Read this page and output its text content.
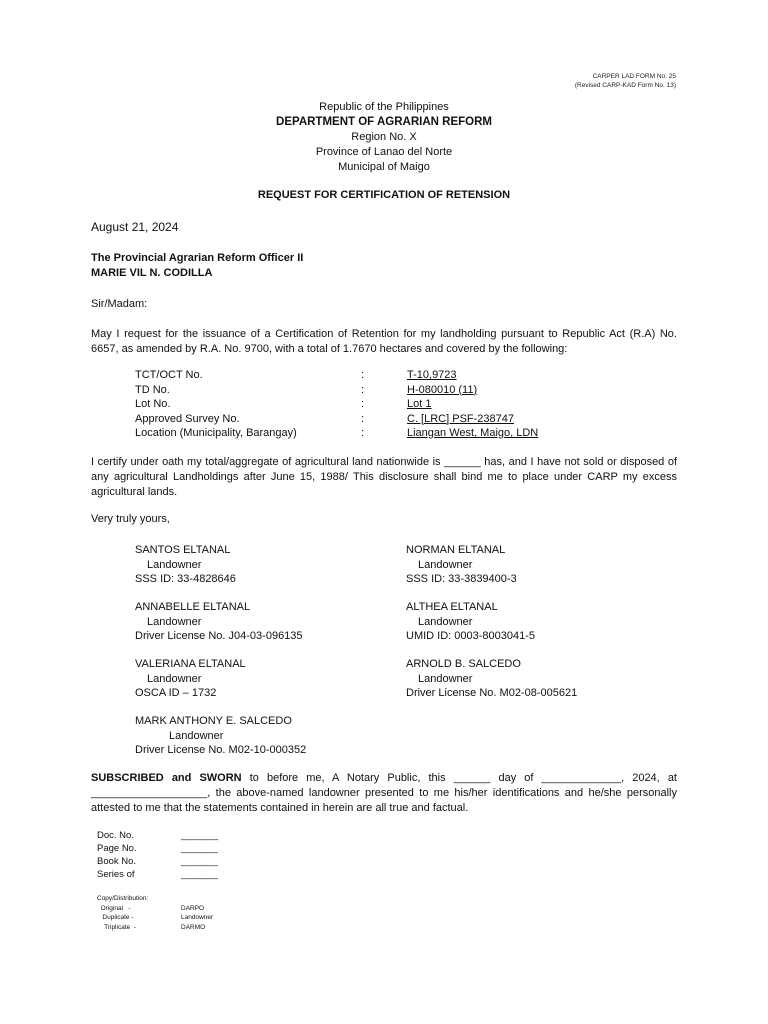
CARPER LAD FORM No. 25
(Revised CARP-KAD Form No. 13)
Republic of the Philippines
DEPARTMENT OF AGRARIAN REFORM
Region No. X
Province of Lanao del Norte
Municipal of Maigo
REQUEST FOR CERTIFICATION OF RETENSION
August 21, 2024
The Provincial Agrarian Reform Officer II
MARIE VIL N. CODILLA
Sir/Madam:
May I request for the issuance of a Certification of Retention for my landholding pursuant to Republic Act (R.A) No. 6657, as amended by R.A. No. 9700, with a total of 1.7670 hectares and covered by the following:
TCT/OCT No.	:	T-10,9723
TD No.	:	H-080010 (11)
Lot No.	:	Lot 1
Approved Survey No.	:	C. [LRC] PSF-238747
Location (Municipality, Barangay)	:	Liangan West, Maigo, LDN
I certify under oath my total/aggregate of agricultural land nationwide is ______ has, and I have not sold or disposed of any agricultural Landholdings after June 15, 1988/ This disclosure shall bind me to place under CARP my excess agricultural lands.
Very truly yours,
SANTOS ELTANAL
Landowner
SSS ID: 33-4828646
NORMAN ELTANAL
Landowner
SSS ID: 33-3839400-3
ANNABELLE ELTANAL
Landowner
Driver License No. J04-03-096135
ALTHEA ELTANAL
Landowner
UMID ID: 0003-8003041-5
VALERIANA ELTANAL
Landowner
OSCA ID – 1732
ARNOLD B. SALCEDO
Landowner
Driver License No. M02-08-005621
MARK ANTHONY E. SALCEDO
Landowner
Driver License No. M02-10-000352
SUBSCRIBED and SWORN to before me, A Notary Public, this ______ day of _____________, 2024, at ___________________, the above-named landowner presented to me his/her identifications and he/she personally attested to me that the statements contained in herein are all true and factual.
Doc. No.	_______
Page No.	_______
Book No.	_______
Series of	_______
Copy/Distribution:
Original   -	DARPO
Duplicate -	Landowner
Triplicate  -	DARMO
